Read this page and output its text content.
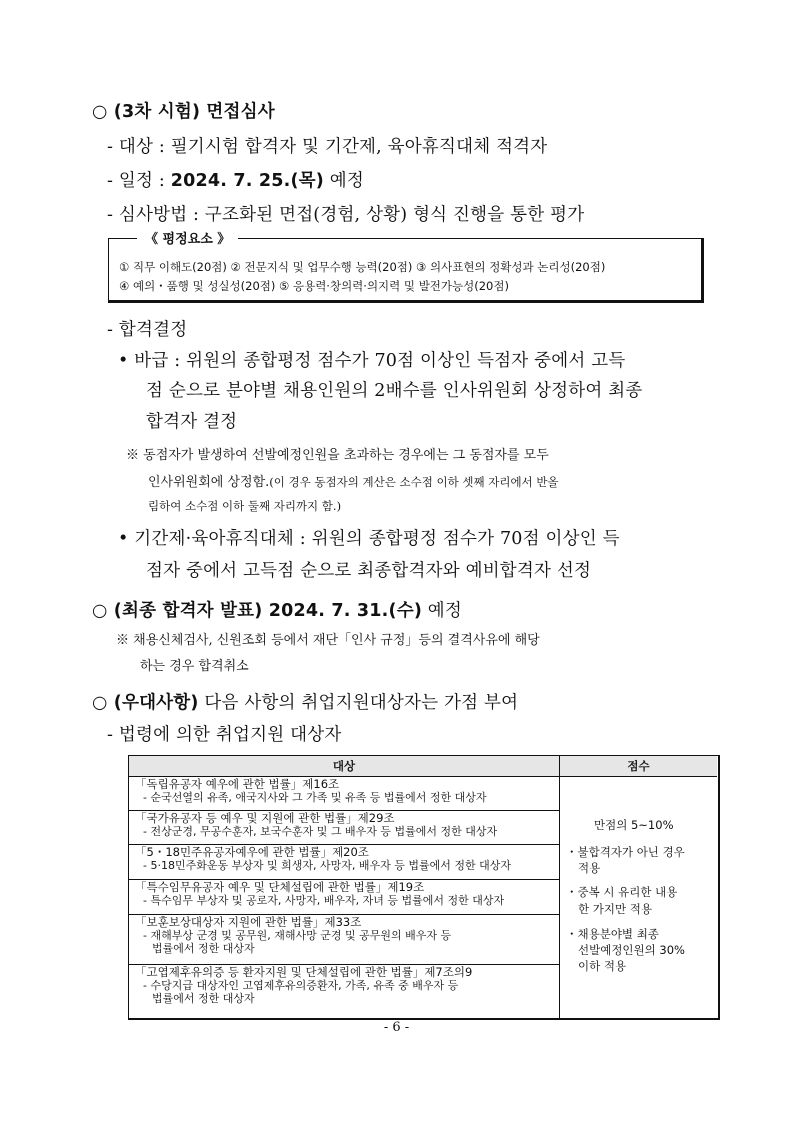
○ (3차 시험) 면접심사
- 대상 : 필기시험 합격자 및 기간제, 육아휴직대체 적격자
- 일정 : 2024. 7. 25.(목) 예정
- 심사방법 : 구조화된 면접(경험, 상황) 형식 진행을 통한 평가
《 평정요소 》
① 직무 이해도(20점) ② 전문지식 및 업무수행 능력(20점) ③ 의사표현의 정확성과 논리성(20점)
④ 예의・품행 및 성실성(20점) ⑤ 응용력·창의력·의지력 및 발전가능성(20점)
- 합격결정
• 바급 : 위원의 종합평정 점수가 70점 이상인 득점자 중에서 고득
점 순으로 분야별 채용인원의 2배수를 인사위원회 상정하여 최종
합격자 결정
※ 동점자가 발생하여 선발예정인원을 초과하는 경우에는 그 동점자를 모두
인사위원회에 상정함.(이 경우 동점자의 계산은 소수점 이하 셋째 자리에서 반올
림하여 소수점 이하 둘째 자리까지 함.)
• 기간제·육아휴직대체 : 위원의 종합평정 점수가 70점 이상인 득
점자 중에서 고득점 순으로 최종합격자와 예비합격자 선정
○ (최종 합격자 발표) 2024. 7. 31.(수) 예정
※ 채용신체검사, 신원조회 등에서 재단「인사 규정」등의 결격사유에 해당
하는 경우 합격취소
○ (우대사항) 다음 사항의 취업지원대상자는 가점 부여
- 법령에 의한 취업지원 대상자
대상	점수
「독립유공자 예우에 관한 법률」제16조
- 순국선열의 유족, 애국지사와 그 가족 및 유족 등 법률에서 정한 대상자
「국가유공자 등 예우 및 지원에 관한 법률」제29조
- 전상군경, 무공수훈자, 보국수훈자 및 그 배우자 등 법률에서 정한 대상자
「5・18민주유공자예우에 관한 법률」제20조
- 5·18민주화운동 부상자 및 희생자, 사망자, 배우자 등 법률에서 정한 대상자
「특수임무유공자 예우 및 단체설립에 관한 법률」제19조
- 특수임무 부상자 및 공로자, 사망자, 배우자, 자녀 등 법률에서 정한 대상자
「보훈보상대상자 지원에 관한 법률」제33조
- 재해부상 군경 및 공무원, 재해사망 군경 및 공무원의 배우자 등
법률에서 정한 대상자
「고엽제후유의증 등 환자지원 및 단체설립에 관한 법률」제7조의9
- 수당지급 대상자인 고엽제후유의증환자, 가족, 유족 중 배우자 등
법률에서 정한 대상자
만점의 5~10%
・불합격자가 아닌 경우
적용
・중복 시 유리한 내용
한 가지만 적용
・채용분야별 최종
선발예정인원의 30%
이하 적용
- 6 -
